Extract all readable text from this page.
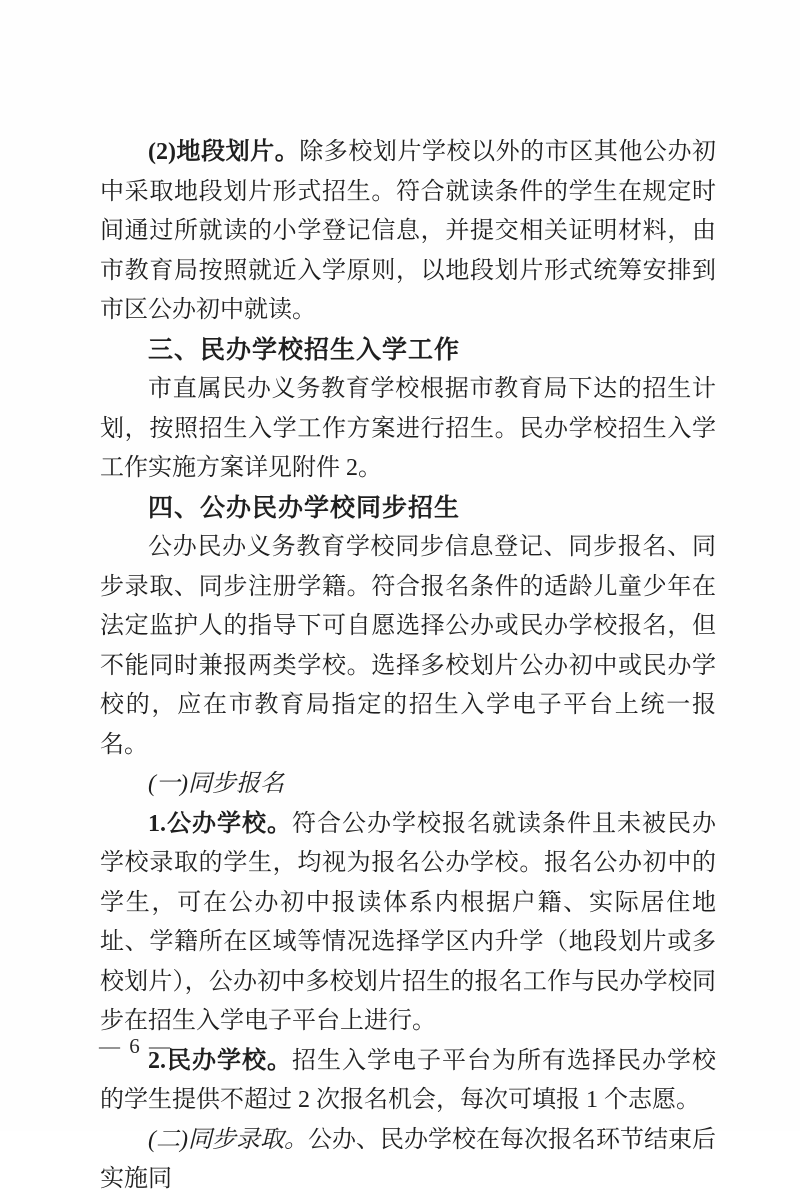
(2)地段划片。除多校划片学校以外的市区其他公办初中采取地段划片形式招生。符合就读条件的学生在规定时间通过所就读的小学登记信息，并提交相关证明材料，由市教育局按照就近入学原则，以地段划片形式统筹安排到市区公办初中就读。

三、民办学校招生入学工作

市直属民办义务教育学校根据市教育局下达的招生计划，按照招生入学工作方案进行招生。民办学校招生入学工作实施方案详见附件 2。

四、公办民办学校同步招生

公办民办义务教育学校同步信息登记、同步报名、同步录取、同步注册学籍。符合报名条件的适龄儿童少年在法定监护人的指导下可自愿选择公办或民办学校报名，但不能同时兼报两类学校。选择多校划片公办初中或民办学校的，应在市教育局指定的招生入学电子平台上统一报名。

(一)同步报名

1.公办学校。符合公办学校报名就读条件且未被民办学校录取的学生，均视为报名公办学校。报名公办初中的学生，可在公办初中报读体系内根据户籍、实际居住地址、学籍所在区域等情况选择学区内升学（地段划片或多校划片），公办初中多校划片招生的报名工作与民办学校同步在招生入学电子平台上进行。

2.民办学校。招生入学电子平台为所有选择民办学校的学生提供不超过 2 次报名机会，每次可填报 1 个志愿。

(二)同步录取。公办、民办学校在每次报名环节结束后实施同

— 6 —
